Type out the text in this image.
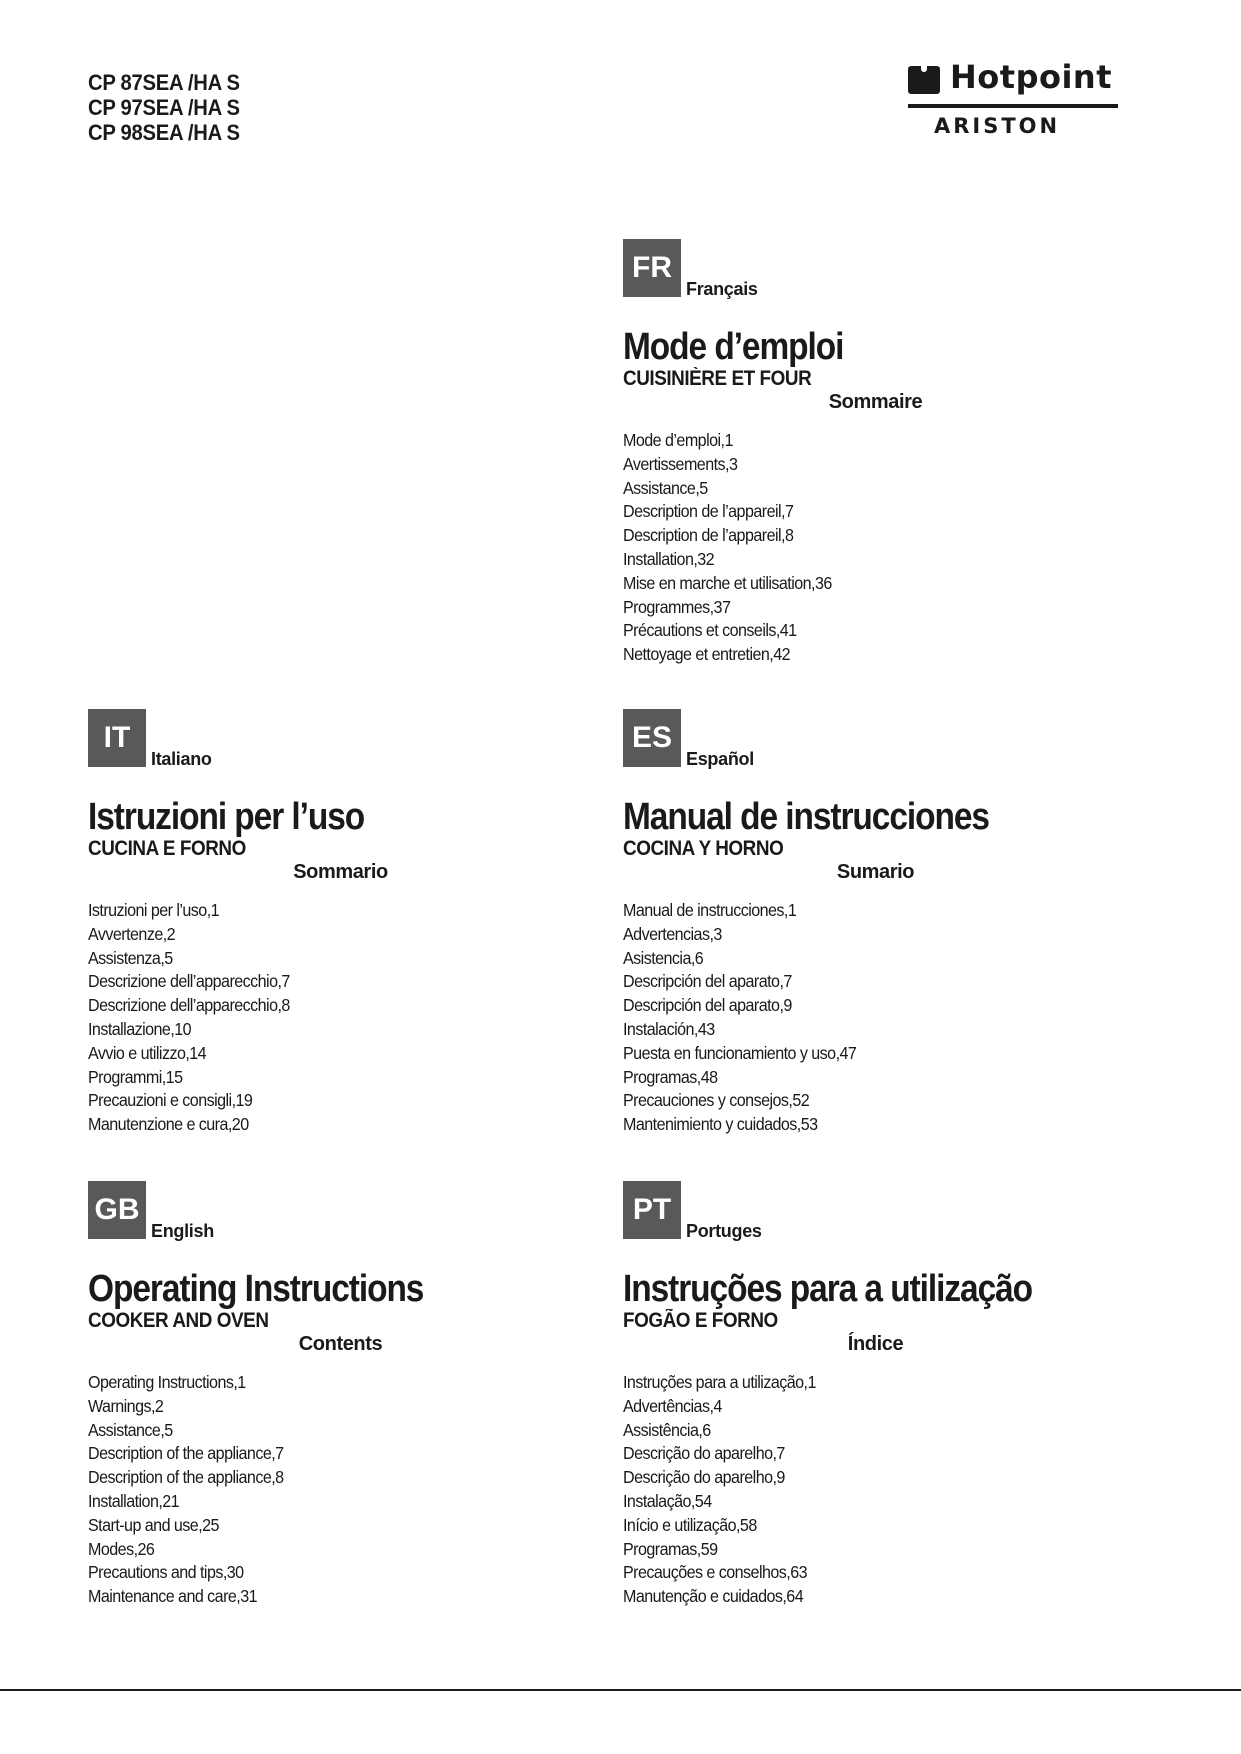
CP 87SEA /HA S
CP 97SEA /HA S
CP 98SEA /HA S
Hotpoint
ARISTON
FR
Français
Mode d’emploi
CUISINIÈRE ET FOUR
Sommaire
Mode d’emploi,1
Avertissements,3
Assistance,5
Description de l’appareil,7
Description de l’appareil,8
Installation,32
Mise en marche et utilisation,36
Programmes,37
Précautions et conseils,41
Nettoyage et entretien,42
IT
Italiano
Istruzioni per l’uso
CUCINA E FORNO
Sommario
Istruzioni per l’uso,1
Avvertenze,2
Assistenza,5
Descrizione dell’apparecchio,7
Descrizione dell’apparecchio,8
Installazione,10
Avvio e utilizzo,14
Programmi,15
Precauzioni e consigli,19
Manutenzione e cura,20
ES
Español
Manual de instrucciones
COCINA Y HORNO
Sumario
Manual de instrucciones,1
Advertencias,3
Asistencia,6
Descripción del aparato,7
Descripción del aparato,9
Instalación,43
Puesta en funcionamiento y uso,47
Programas,48
Precauciones y consejos,52
Mantenimiento y cuidados,53
GB
English
Operating Instructions
COOKER AND OVEN
Contents
Operating Instructions,1
Warnings,2
Assistance,5
Description of the appliance,7
Description of the appliance,8
Installation,21
Start-up and use,25
Modes,26
Precautions and tips,30
Maintenance and care,31
PT
Portuges
Instruções para a utilização
FOGÃO E FORNO
Índice
Instruções para a utilização,1
Advertências,4
Assistência,6
Descrição do aparelho,7
Descrição do aparelho,9
Instalação,54
Início e utilização,58
Programas,59
Precauções e conselhos,63
Manutenção e cuidados,64
